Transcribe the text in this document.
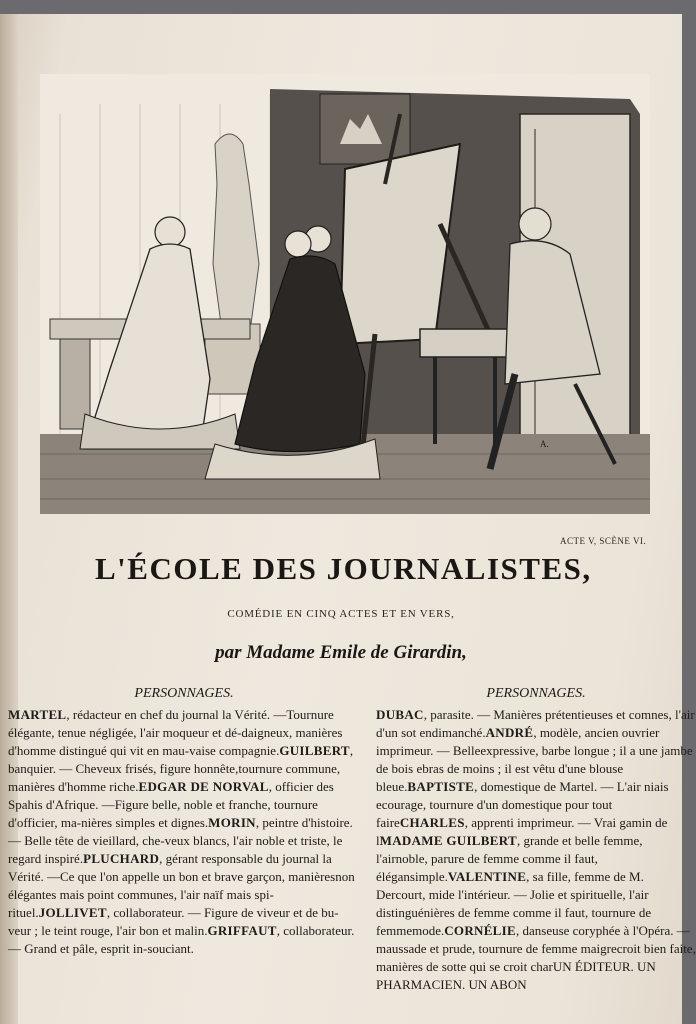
A.
ACTE V, SCÈNE VI.
L'ÉCOLE DES JOURNALISTES,
COMÉDIE EN CINQ ACTES ET EN VERS,
par Madame Emile de Girardin,
PERSONNAGES.
MARTEL, rédacteur en chef du journal la Vérité. —Tournure élégante, tenue négligée, l'air moqueur et dé-daigneux, manières d'homme distingué qui vit en mau-vaise compagnie.GUILBERT, banquier. — Cheveux frisés, figure honnête,tournure commune, manières d'homme riche.EDGAR DE NORVAL, officier des Spahis d'Afrique. —Figure belle, noble et franche, tournure d'officier, ma-nières simples et dignes.MORIN, peintre d'histoire. — Belle tête de vieillard, che-veux blancs, l'air noble et triste, le regard inspiré.PLUCHARD, gérant responsable du journal la Vérité. —Ce que l'on appelle un bon et brave garçon, manièresnon élégantes mais point communes, l'air naïf mais spi-rituel.JOLLIVET, collaborateur. — Figure de viveur et de bu-veur ; le teint rouge, l'air bon et malin.GRIFFAUT, collaborateur. — Grand et pâle, esprit in-souciant.
PERSONNAGES.
DUBAC, parasite. — Manières prétentieuses et comnes, l'air d'un sot endimanché.ANDRÉ, modèle, ancien ouvrier imprimeur. — Belleexpressive, barbe longue ; il a une jambe de bois ebras de moins ; il est vêtu d'une blouse bleue.BAPTISTE, domestique de Martel. — L'air niais ecourage, tournure d'un domestique pour tout faireCHARLES, apprenti imprimeur. — Vrai gamin de lMADAME GUILBERT, grande et belle femme, l'airnoble, parure de femme comme il faut, élégansimple.VALENTINE, sa fille, femme de M. Dercourt, mide l'intérieur. — Jolie et spirituelle, l'air distinguénières de femme comme il faut, tournure de femmemode.CORNÉLIE, danseuse coryphée à l'Opéra. —maussade et prude, tournure de femme maigrecroit bien faite, manières de sotte qui se croit charUN ÉDITEUR. UN PHARMACIEN. UN ABON
